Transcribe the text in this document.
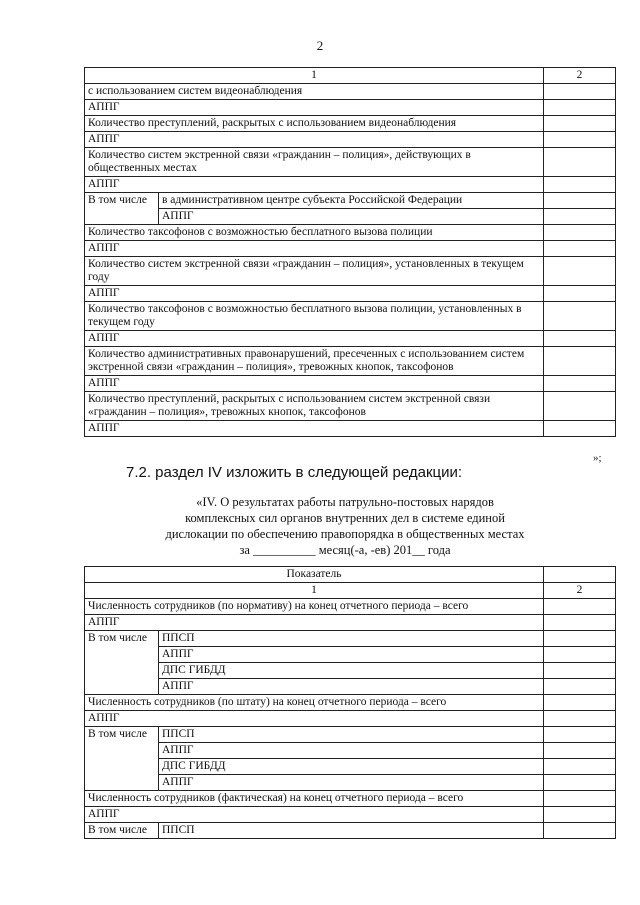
2
1		2
с использованием систем видеонаблюдения		
АППГ		
Количество преступлений, раскрытых с использованием видеонаблюдения		
АППГ		
Количество систем экстренной связи «гражданин – полиция», действующих в общественных местах		
АППГ		
В том числе	в административном центре субъекта Российской Федерации	
	АППГ	
Количество таксофонов с возможностью бесплатного вызова полиции		
АППГ		
Количество систем экстренной связи «гражданин – полиция», установленных в текущем году		
АППГ		
Количество таксофонов с возможностью бесплатного вызова полиции, установленных в текущем году		
АППГ		
Количество административных правонарушений, пресеченных с использованием систем экстренной связи «гражданин – полиция», тревожных кнопок, таксофонов		
АППГ		
Количество преступлений, раскрытых с использованием систем экстренной связи «гражданин – полиция», тревожных кнопок, таксофонов		
АППГ		
»;
7.2. раздел IV изложить в следующей редакции:
«IV. О результатах работы патрульно-постовых нарядов
комплексных сил органов внутренних дел в системе единой
дислокации по обеспечению правопорядка в общественных местах
за __________ месяц(-а, -ев) 201__ года
Показатель		
1		2
Численность сотрудников (по нормативу) на конец отчетного периода – всего		
АППГ		
В том числе	ППСП	
	АППГ	
	ДПС ГИБДД	
	АППГ	
Численность сотрудников (по штату) на конец отчетного периода – всего		
АППГ		
В том числе	ППСП	
	АППГ	
	ДПС ГИБДД	
	АППГ	
Численность сотрудников (фактическая) на конец отчетного периода – всего		
АППГ		
В том числе	ППСП	
